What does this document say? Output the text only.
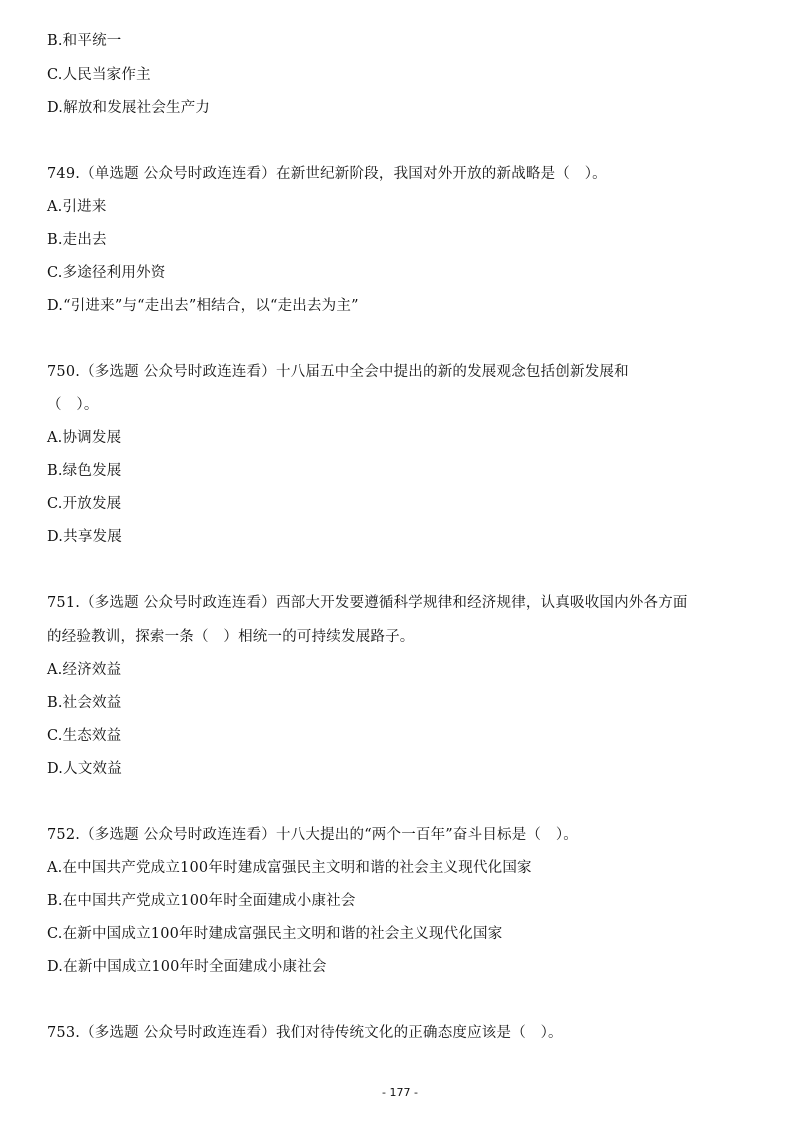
B.和平统一
C.人民当家作主
D.解放和发展社会生产力
749.（单选题 公众号时政连连看）在新世纪新阶段，我国对外开放的新战略是（　）。
A.引进来
B.走出去
C.多途径利用外资
D.“引进来”与“走出去”相结合，以“走出去为主”
750.（多选题 公众号时政连连看）十八届五中全会中提出的新的发展观念包括创新发展和
（　）。
A.协调发展
B.绿色发展
C.开放发展
D.共享发展
751.（多选题 公众号时政连连看）西部大开发要遵循科学规律和经济规律，认真吸收国内外各方面
的经验教训，探索一条（　）相统一的可持续发展路子。
A.经济效益
B.社会效益
C.生态效益
D.人文效益
752.（多选题 公众号时政连连看）十八大提出的“两个一百年”奋斗目标是（　）。
A.在中国共产党成立100年时建成富强民主文明和谐的社会主义现代化国家
B.在中国共产党成立100年时全面建成小康社会
C.在新中国成立100年时建成富强民主文明和谐的社会主义现代化国家
D.在新中国成立100年时全面建成小康社会
753.（多选题 公众号时政连连看）我们对待传统文化的正确态度应该是（　）。
- 177 -
